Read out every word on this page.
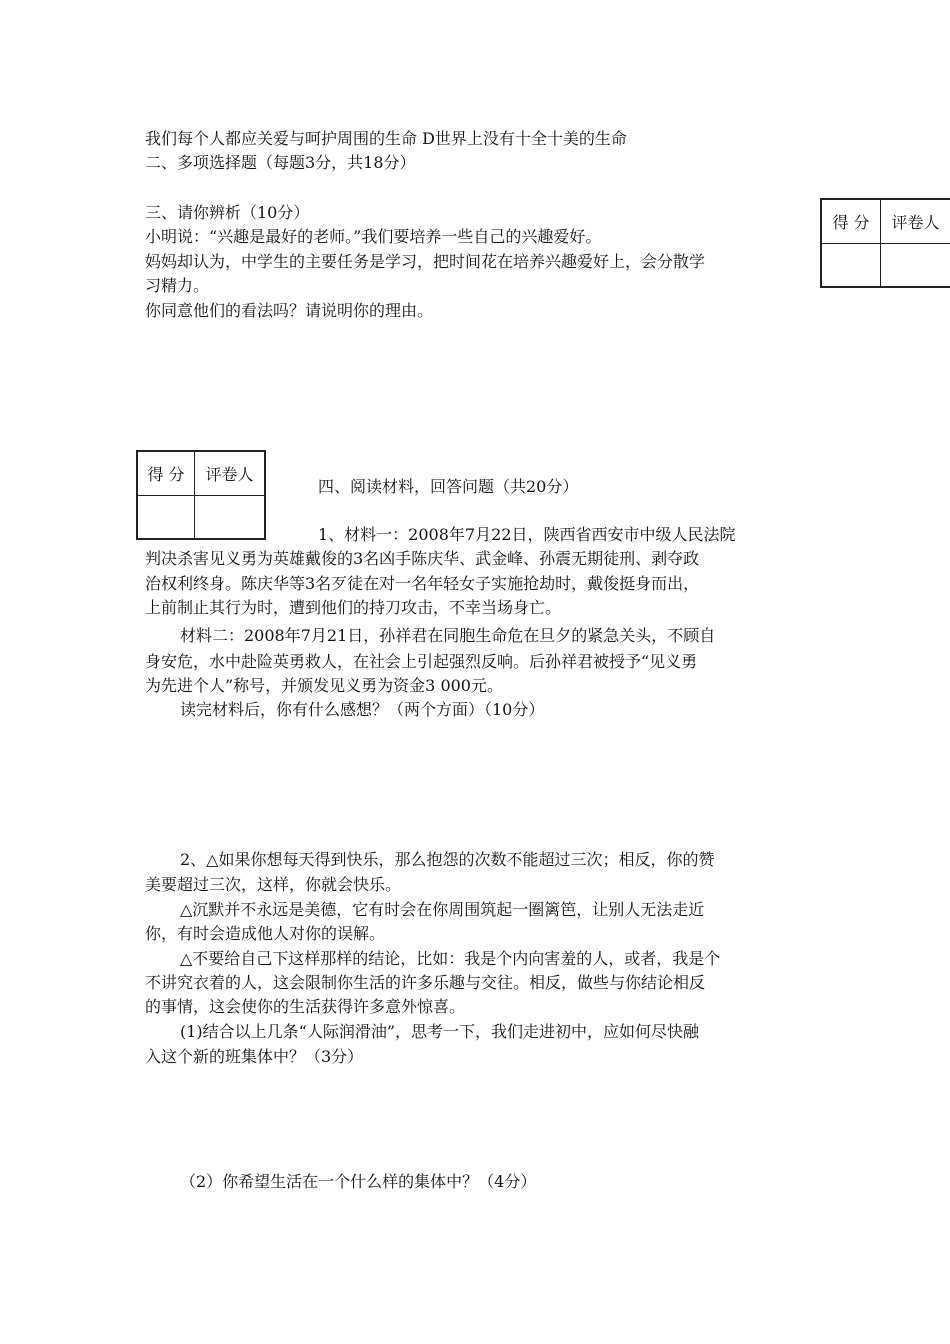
得 分	评卷人

得 分	评卷人

我们每个人都应关爱与呵护周围的生命 D世界上没有十全十美的生命
二、多项选择题（每题3分，共18分）
三、请你辨析（10分）
小明说：“兴趣是最好的老师。”我们要培养一些自己的兴趣爱好。
妈妈却认为，中学生的主要任务是学习，把时间花在培养兴趣爱好上，会分散学
习精力。
你同意他们的看法吗？请说明你的理由。
四、阅读材料，回答问题（共20分）
1、材料一：2008年7月22日，陕西省西安市中级人民法院
判决杀害见义勇为英雄戴俊的3名凶手陈庆华、武金峰、孙震无期徒刑、剥夺政
治权利终身。陈庆华等3名歹徒在对一名年轻女子实施抢劫时，戴俊挺身而出，
上前制止其行为时，遭到他们的持刀攻击，不幸当场身亡。
材料二：2008年7月21日，孙祥君在同胞生命危在旦夕的紧急关头，不顾自
身安危，水中赴险英勇救人，在社会上引起强烈反响。后孙祥君被授予“见义勇
为先进个人”称号，并颁发见义勇为资金3 000元。
读完材料后，你有什么感想？（两个方面）（10分）
2、△如果你想每天得到快乐，那么抱怨的次数不能超过三次；相反，你的赞
美要超过三次，这样，你就会快乐。
△沉默并不永远是美德，它有时会在你周围筑起一圈篱笆，让别人无法走近
你，有时会造成他人对你的误解。
△不要给自己下这样那样的结论，比如：我是个内向害羞的人，或者，我是个
不讲究衣着的人，这会限制你生活的许多乐趣与交往。相反，做些与你结论相反
的事情，这会使你的生活获得许多意外惊喜。
(1)结合以上几条“人际润滑油”，思考一下，我们走进初中，应如何尽快融
入这个新的班集体中？（3分）
（2）你希望生活在一个什么样的集体中？（4分）
